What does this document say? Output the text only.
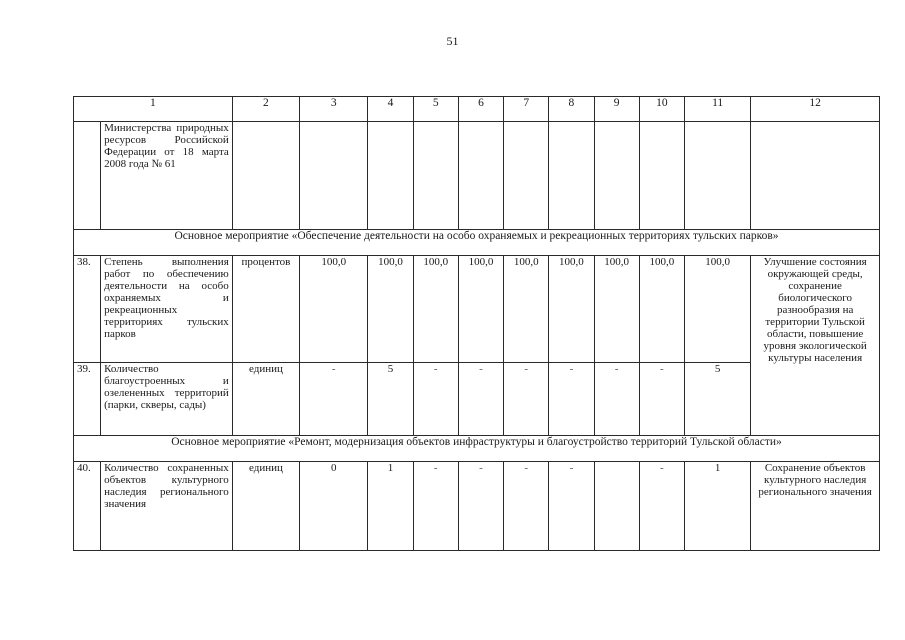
51
1		2	3	4	5	6	7	8	9	10	11	12
	Министерства природных ресурсов Российской Федерации от 18 марта 2008 года № 61											
Основное мероприятие «Обеспечение деятельности на особо охраняемых и рекреационных территориях тульских парков»												
38.	Степень выполнения работ по обеспечению деятельности на особо охраняемых и рекреационных территориях тульских парков	процентов	100,0	100,0	100,0	100,0	100,0	100,0	100,0	100,0	100,0	Улучшение состояния окружающей среды, сохранение биологического разнообразия на территории Тульской области, повышение уровня экологической культуры населения
39.	Количество благоустроенных и озелененных территорий (парки, скверы, сады)	единиц	-	5	-	-	-	-	-	-	5	
Основное мероприятие «Ремонт, модернизация объектов инфраструктуры и благоустройство территорий Тульской области»												
40.	Количество сохраненных объектов культурного наследия регионального значения	единиц	0	1	-	-	-	-		-	1	Сохранение объектов культурного наследия регионального значения
